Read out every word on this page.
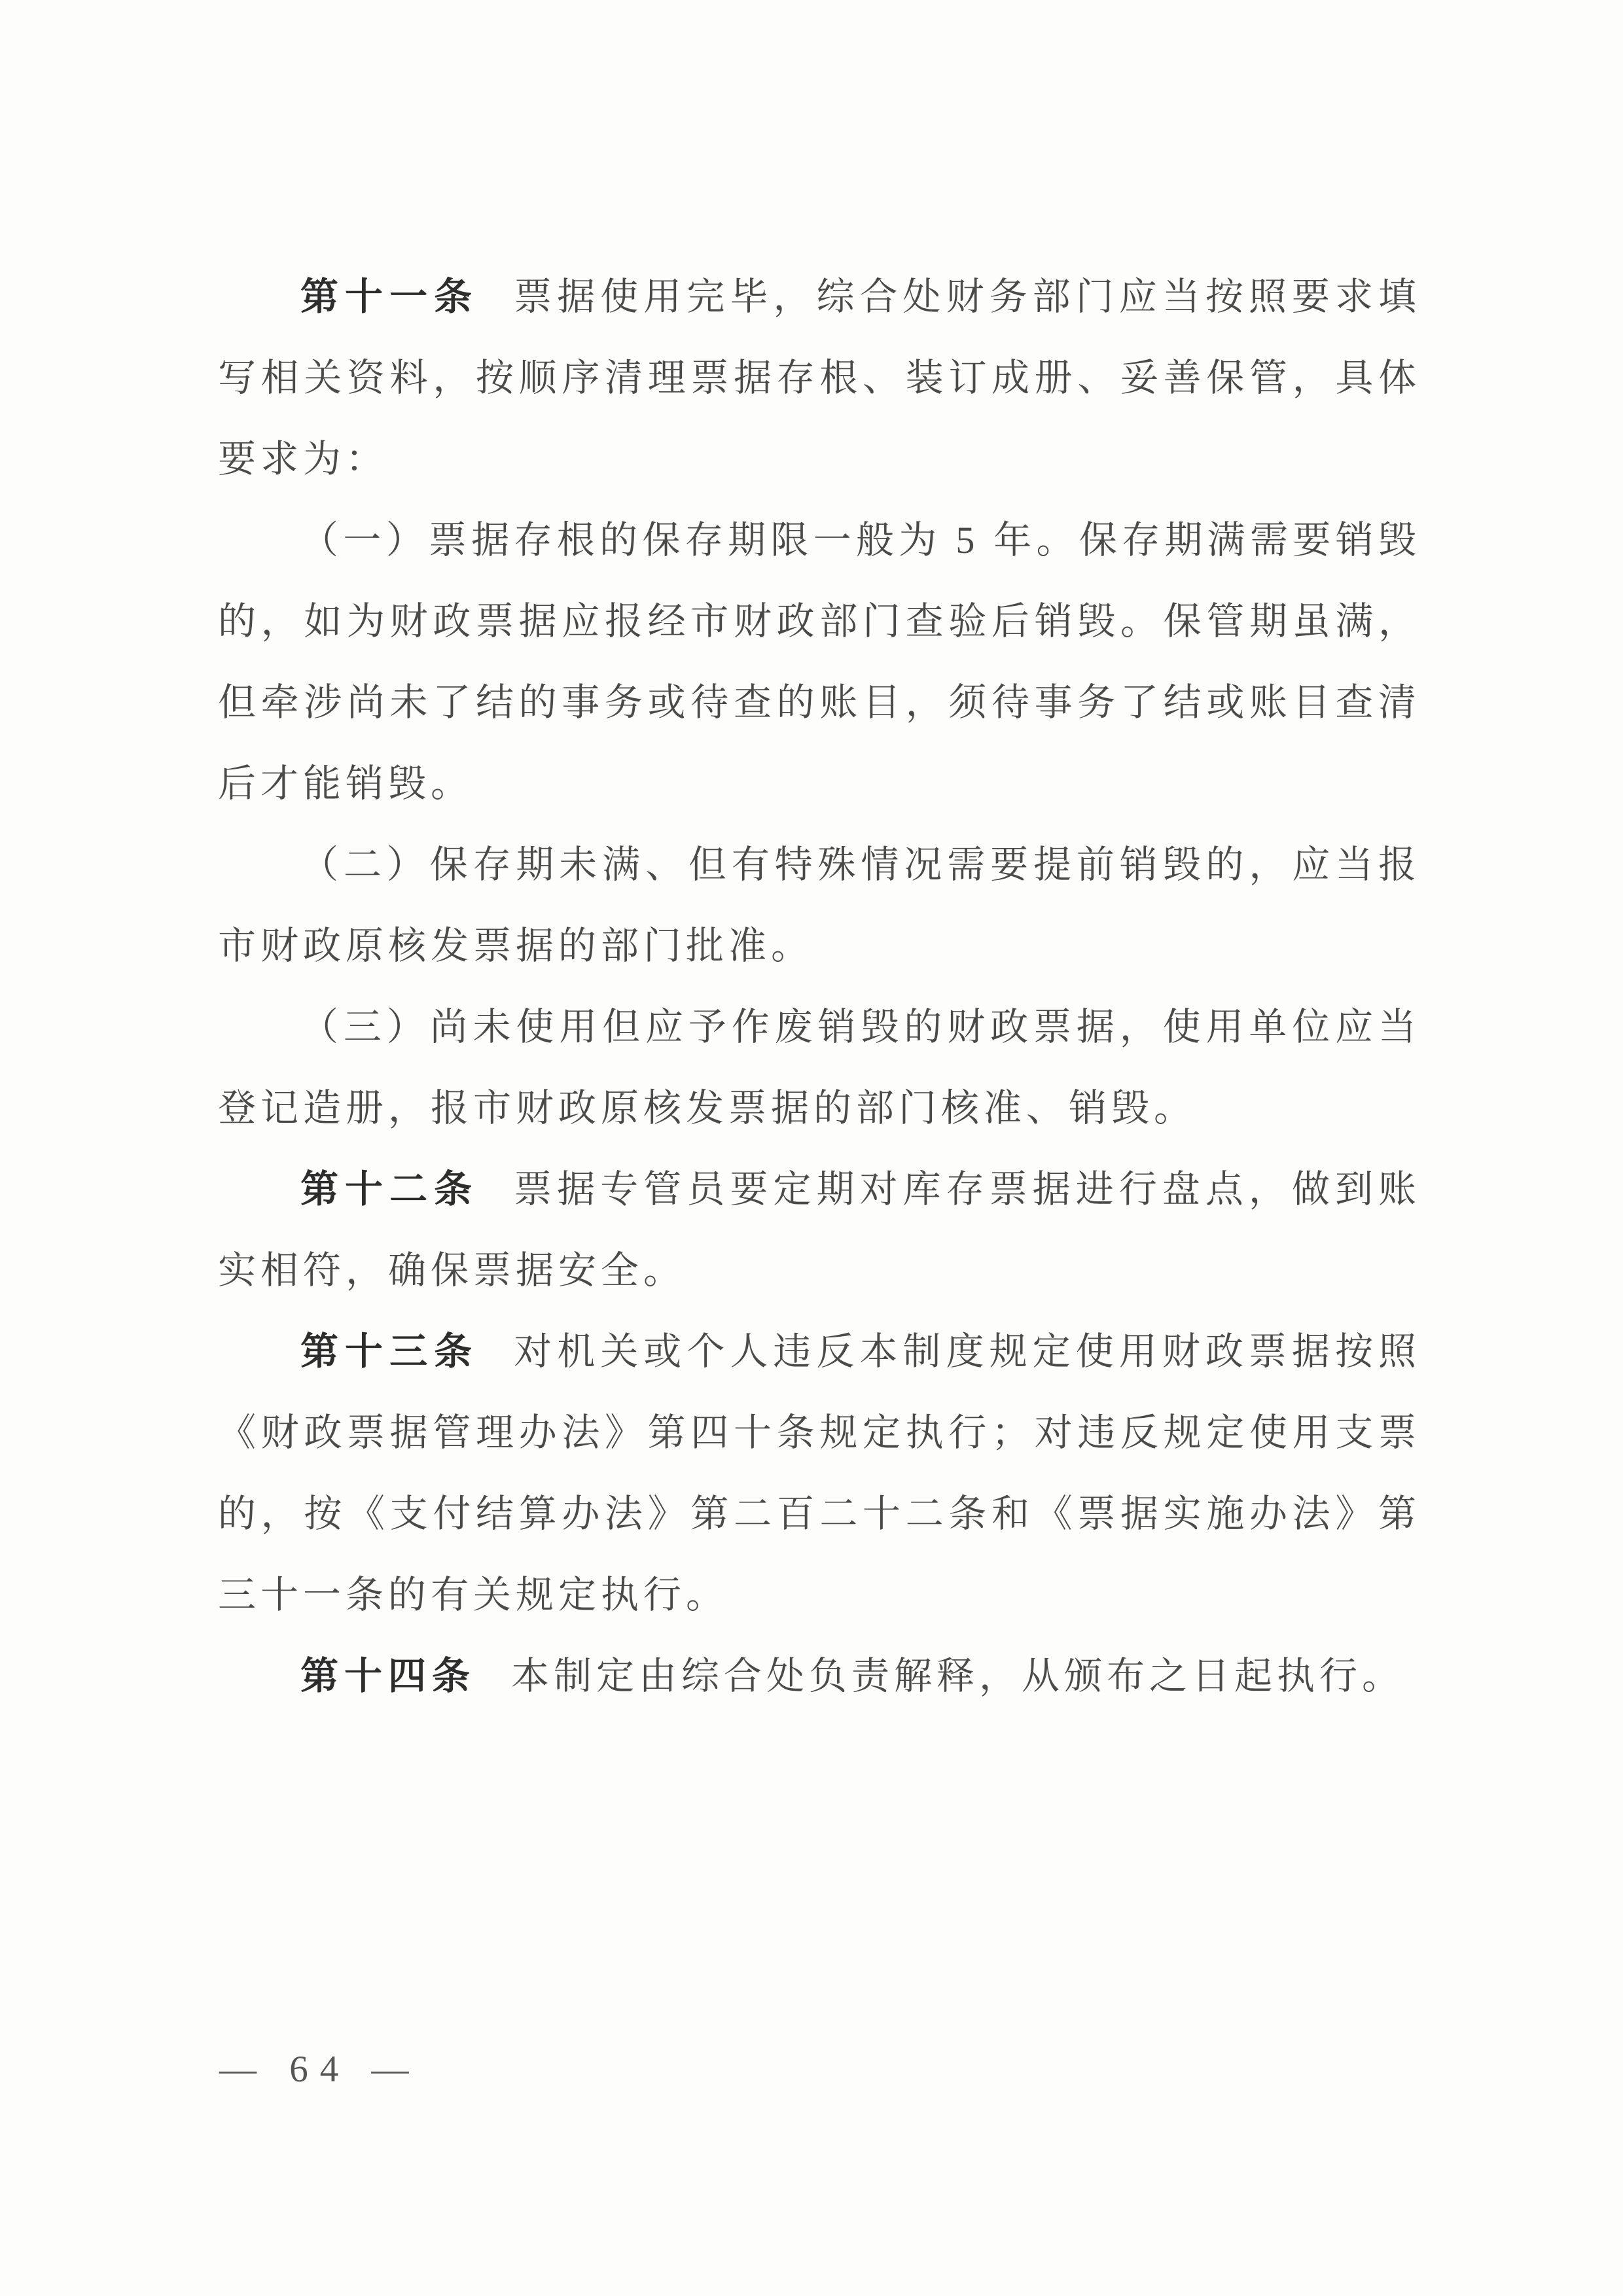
第十一条 票据使用完毕，综合处财务部门应当按照要求填写相关资料，按顺序清理票据存根、装订成册、妥善保管，具体要求为：

（一）票据存根的保存期限一般为 5 年。保存期满需要销毁的，如为财政票据应报经市财政部门查验后销毁。保管期虽满，但牵涉尚未了结的事务或待查的账目，须待事务了结或账目查清后才能销毁。

（二）保存期未满、但有特殊情况需要提前销毁的，应当报市财政原核发票据的部门批准。

（三）尚未使用但应予作废销毁的财政票据，使用单位应当登记造册，报市财政原核发票据的部门核准、销毁。

第十二条 票据专管员要定期对库存票据进行盘点，做到账实相符，确保票据安全。

第十三条 对机关或个人违反本制度规定使用财政票据按照《财政票据管理办法》第四十条规定执行；对违反规定使用支票的，按《支付结算办法》第二百二十二条和《票据实施办法》第三十一条的有关规定执行。

第十四条 本制定由综合处负责解释，从颁布之日起执行。

— 64 —
